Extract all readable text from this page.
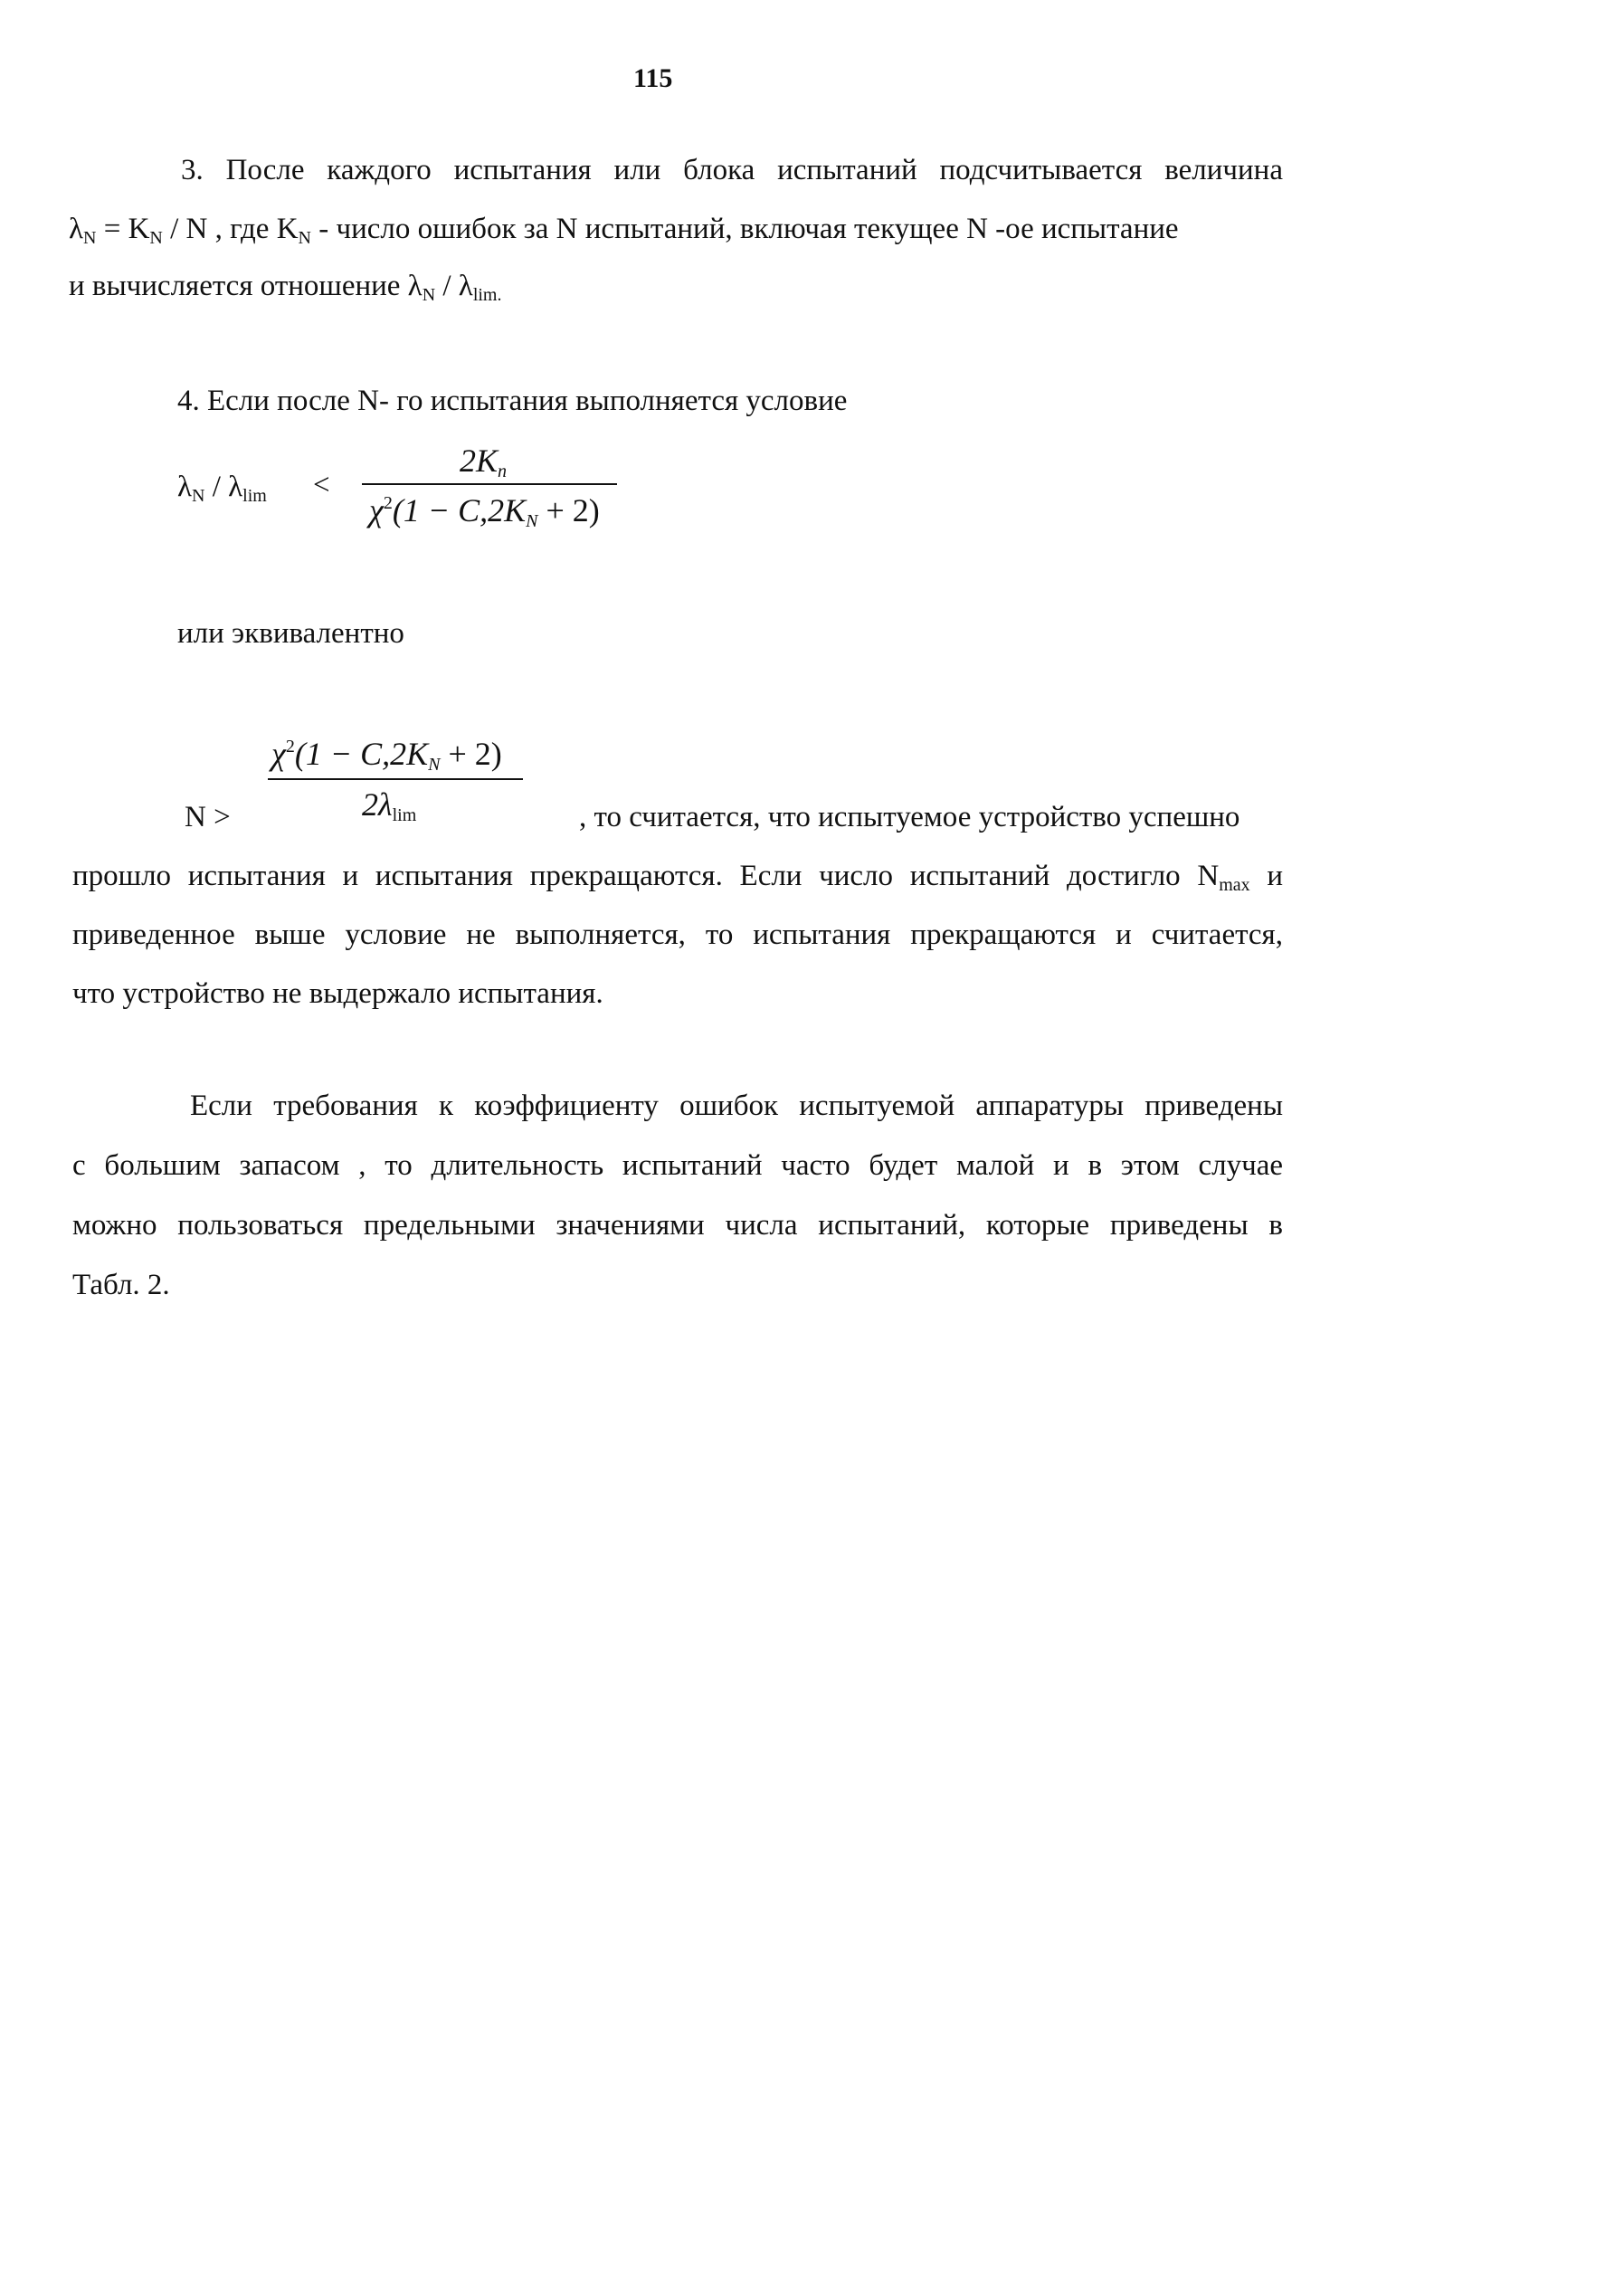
115
3. После каждого испытания или блока испытаний подсчитывается величина
$\lambda_N = K_N / N$ , где $K_N$ - число ошибок за N испытаний, включая текущее N -ое испытание
и вычисляется отношение $\lambda_N / \lambda_{lim.}$
4. Если после N- го испытания выполняется условие
$\lambda_N / \lambda_{lim}$ <
$2K_n$
$\chi^2(1 - C,2K_N + 2)$
или эквивалентно
$\chi^2(1 - C,2K_N + 2)$
$2\lambda_{lim}$
N >	, то считается, что испытуемое устройство успешно
прошло испытания и испытания прекращаются. Если число испытаний достигло $N_{max}$ и
приведенное выше условие не выполняется, то испытания прекращаются и считается,
что устройство не выдержало испытания.
Если требования к коэффициенту ошибок испытуемой аппаратуры приведены
с большим запасом , то длительность испытаний часто будет малой и в этом случае
можно пользоваться предельными значениями числа испытаний, которые приведены в
Табл. 2.
